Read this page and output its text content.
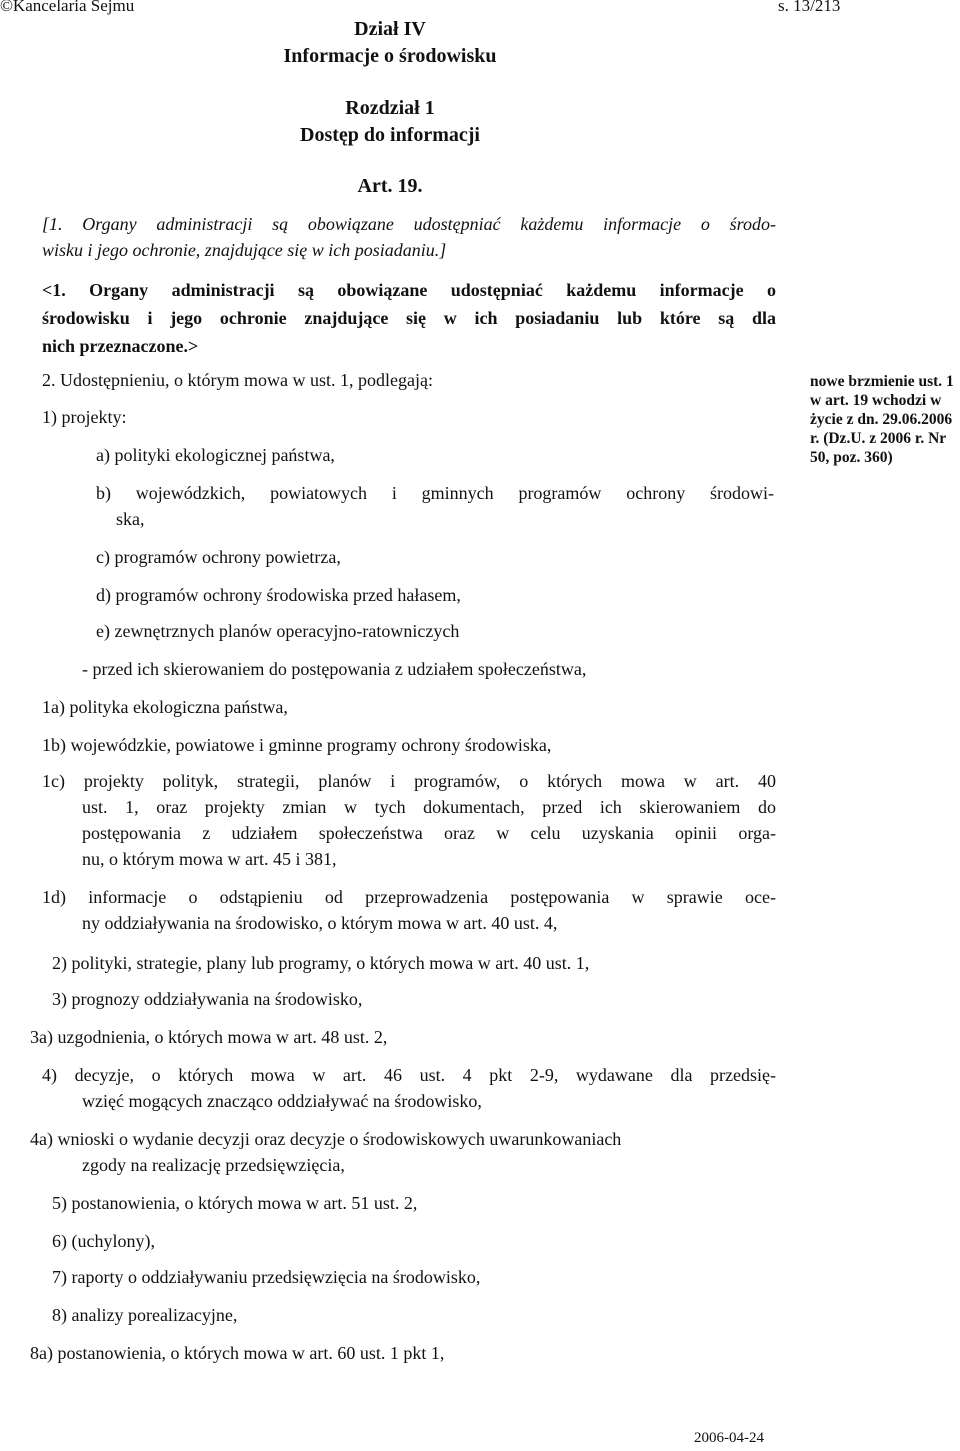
©Kancelaria Sejmu	s. 13/213
Dział IV
Informacje o środowisku
Rozdział 1
Dostęp do informacji
Art. 19.
[1. Organy administracji są obowiązane udostępniać każdemu informacje o środo-
wisku i jego ochronie, znajdujące się w ich posiadaniu.]
<1. Organy administracji są obowiązane udostępniać każdemu informacje o
środowisku i jego ochronie znajdujące się w ich posiadaniu lub które są dla
nich przeznaczone.>
2. Udostępnieniu, o którym mowa w ust. 1, podlegają:
1) projekty:
a) polityki ekologicznej państwa,
b) wojewódzkich, powiatowych i gminnych programów ochrony środowi-
ska,
c) programów ochrony powietrza,
d) programów ochrony środowiska przed hałasem,
e) zewnętrznych planów operacyjno-ratowniczych
- przed ich skierowaniem do postępowania z udziałem społeczeństwa,
1a) polityka ekologiczna państwa,
1b) wojewódzkie, powiatowe i gminne programy ochrony środowiska,
1c) projekty polityk, strategii, planów i programów, o których mowa w art. 40
ust. 1, oraz projekty zmian w tych dokumentach, przed ich skierowaniem do
postępowania z udziałem społeczeństwa oraz w celu uzyskania opinii orga-
nu, o którym mowa w art. 45 i 381,
1d) informacje o odstąpieniu od przeprowadzenia postępowania w sprawie oce-
ny oddziaływania na środowisko, o którym mowa w art. 40 ust. 4,
2) polityki, strategie, plany lub programy, o których mowa w art. 40 ust. 1,
3) prognozy oddziaływania na środowisko,
3a) uzgodnienia, o których mowa w art. 48 ust. 2,
4) decyzje, o których mowa w art. 46 ust. 4 pkt 2-9, wydawane dla przedsię-
wzięć mogących znacząco oddziaływać na środowisko,
4a) wnioski o wydanie decyzji oraz decyzje o środowiskowych uwarunkowaniach
zgody na realizację przedsięwzięcia,
5) postanowienia, o których mowa w art. 51 ust. 2,
6) (uchylony),
7) raporty o oddziaływaniu przedsięwzięcia na środowisko,
8) analizy porealizacyjne,
8a) postanowienia, o których mowa w art. 60 ust. 1 pkt 1,
nowe brzmienie ust. 1
w art. 19 wchodzi w
życie z dn. 29.06.2006
r. (Dz.U. z 2006 r. Nr
50, poz. 360)
2006-04-24
